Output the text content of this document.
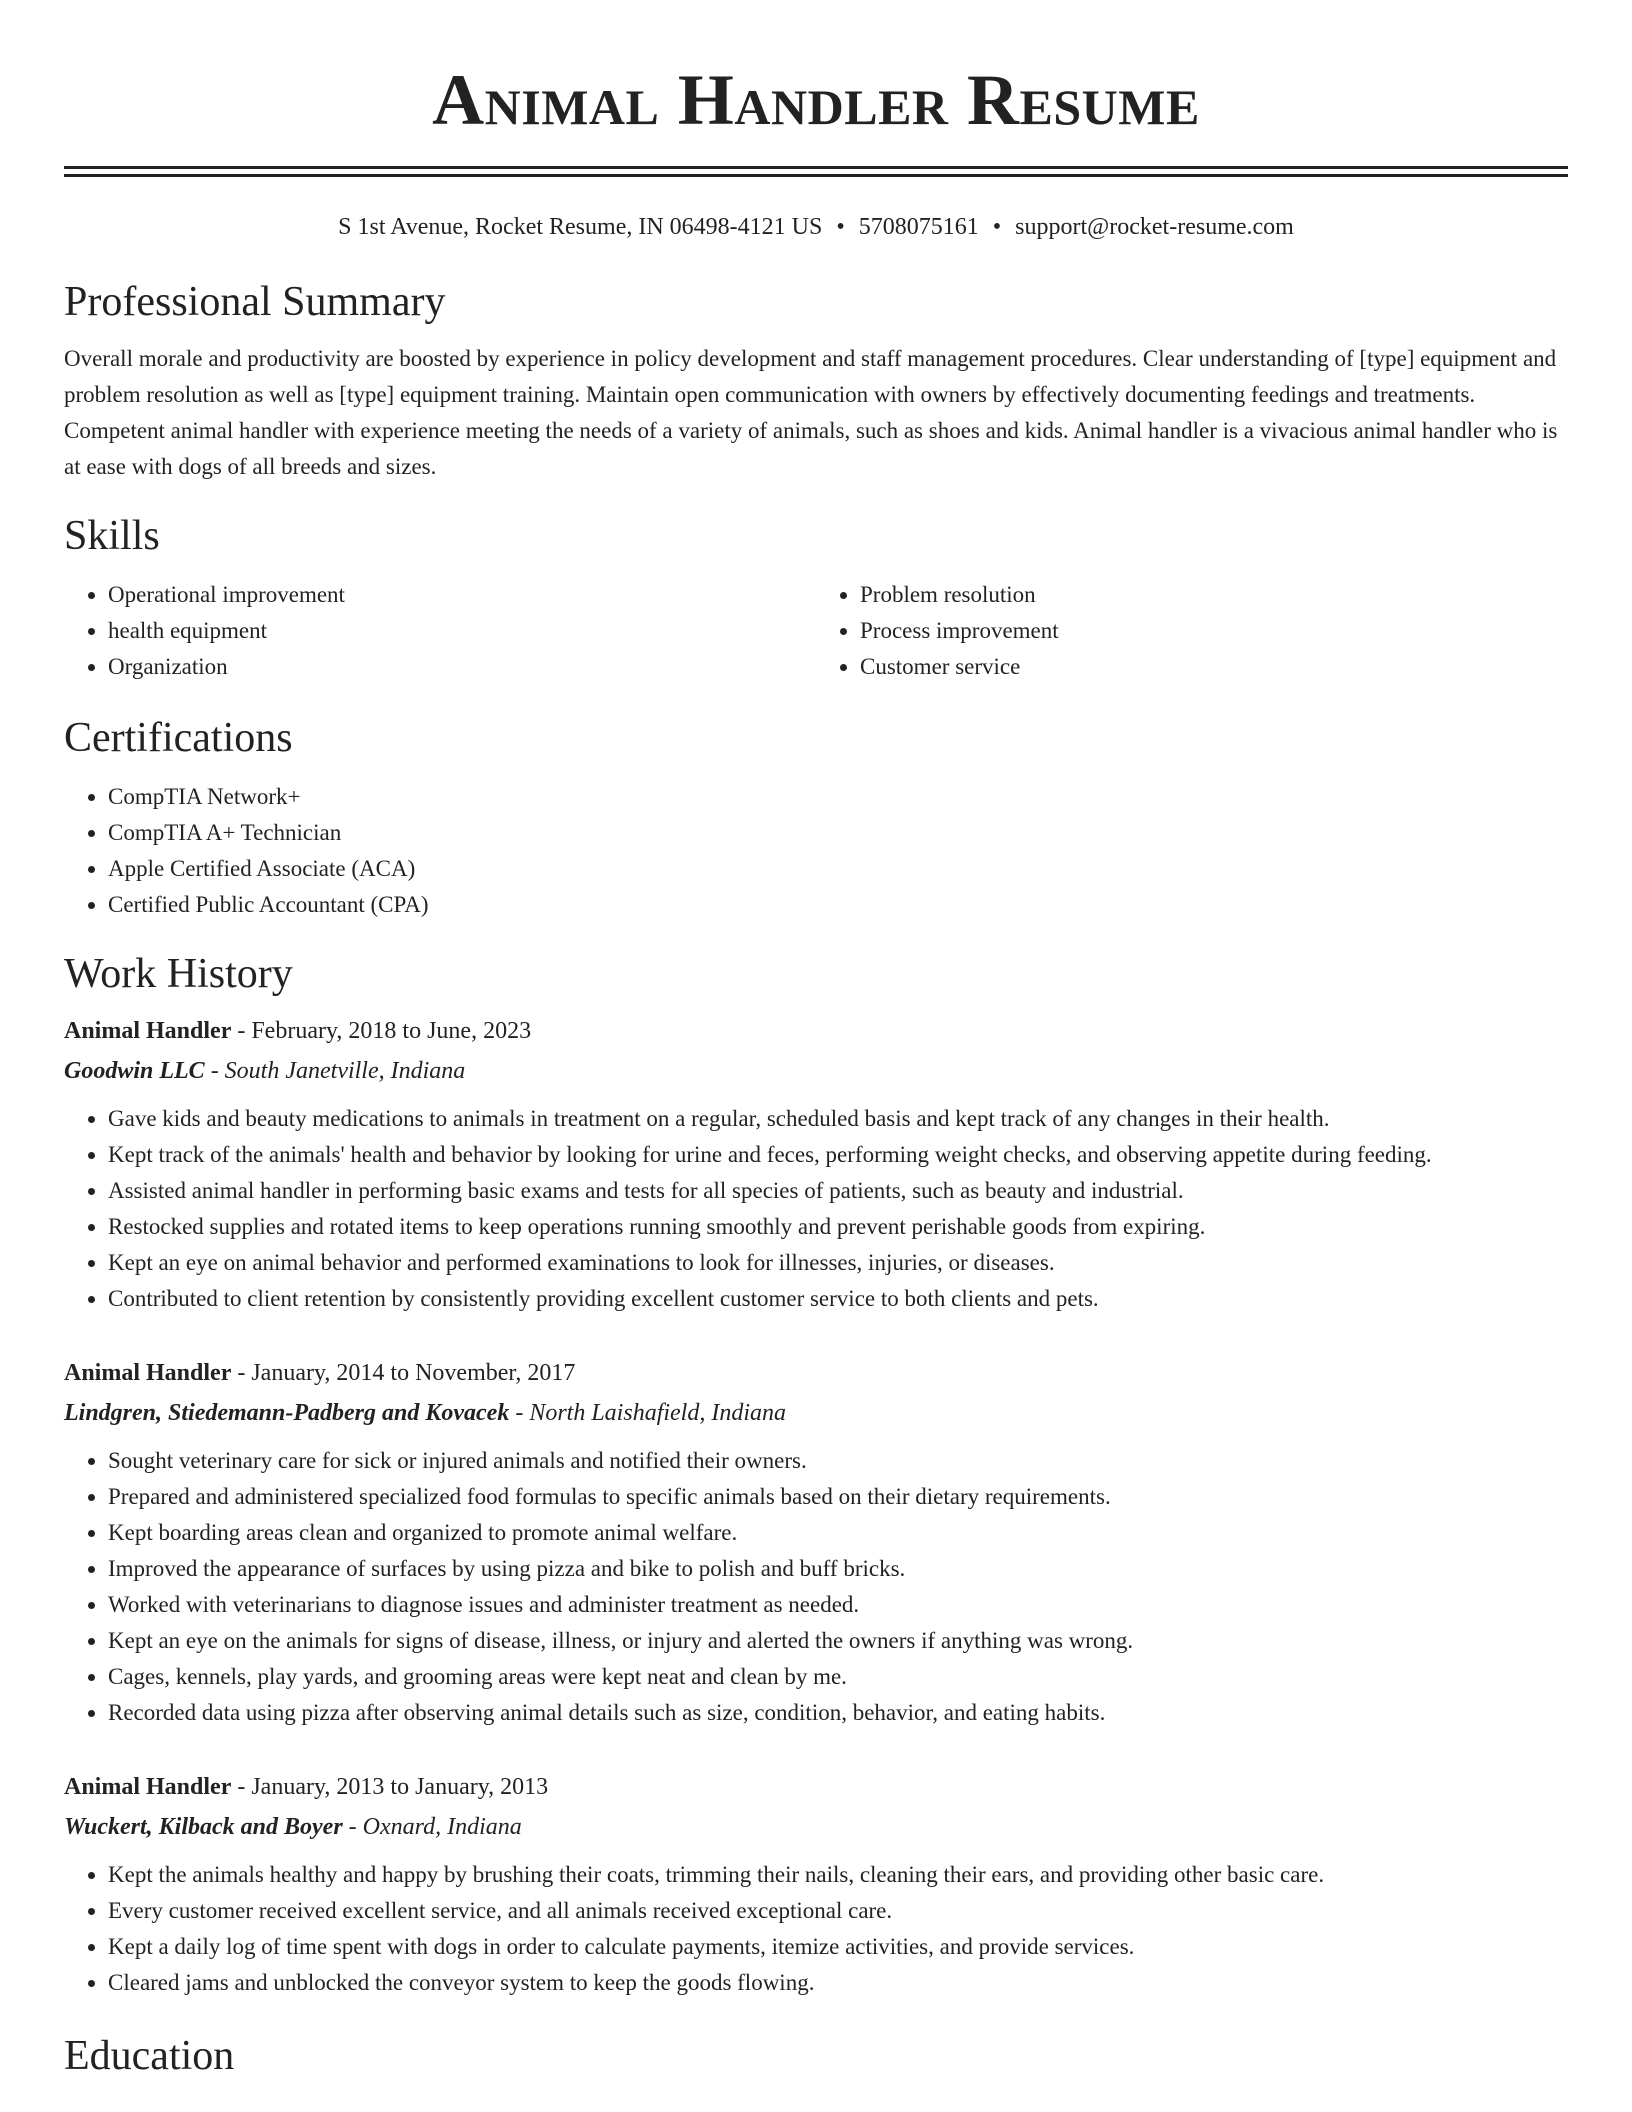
Animal Handler Resume
S 1st Avenue, Rocket Resume, IN 06498-4121 US • 5708075161 • support@rocket-resume.com
Professional Summary

Overall morale and productivity are boosted by experience in policy development and staff management procedures. Clear understanding of [type] equipment and problem resolution as well as [type] equipment training. Maintain open communication with owners by effectively documenting feedings and treatments. Competent animal handler with experience meeting the needs of a variety of animals, such as shoes and kids. Animal handler is a vivacious animal handler who is at ease with dogs of all breeds and sizes.

Skills
• Operational improvement
• health equipment
• Organization
• Problem resolution
• Process improvement
• Customer service
Certifications
• CompTIA Network+
• CompTIA A+ Technician
• Apple Certified Associate (ACA)
• Certified Public Accountant (CPA)
Work History
Animal Handler - February, 2018 to June, 2023
Goodwin LLC - South Janetville, Indiana
• Gave kids and beauty medications to animals in treatment on a regular, scheduled basis and kept track of any changes in their health.
• Kept track of the animals' health and behavior by looking for urine and feces, performing weight checks, and observing appetite during feeding.
• Assisted animal handler in performing basic exams and tests for all species of patients, such as beauty and industrial.
• Restocked supplies and rotated items to keep operations running smoothly and prevent perishable goods from expiring.
• Kept an eye on animal behavior and performed examinations to look for illnesses, injuries, or diseases.
• Contributed to client retention by consistently providing excellent customer service to both clients and pets.
Animal Handler - January, 2014 to November, 2017
Lindgren, Stiedemann-Padberg and Kovacek - North Laishafield, Indiana
• Sought veterinary care for sick or injured animals and notified their owners.
• Prepared and administered specialized food formulas to specific animals based on their dietary requirements.
• Kept boarding areas clean and organized to promote animal welfare.
• Improved the appearance of surfaces by using pizza and bike to polish and buff bricks.
• Worked with veterinarians to diagnose issues and administer treatment as needed.
• Kept an eye on the animals for signs of disease, illness, or injury and alerted the owners if anything was wrong.
• Cages, kennels, play yards, and grooming areas were kept neat and clean by me.
• Recorded data using pizza after observing animal details such as size, condition, behavior, and eating habits.
Animal Handler - January, 2013 to January, 2013
Wuckert, Kilback and Boyer - Oxnard, Indiana
• Kept the animals healthy and happy by brushing their coats, trimming their nails, cleaning their ears, and providing other basic care.
• Every customer received excellent service, and all animals received exceptional care.
• Kept a daily log of time spent with dogs in order to calculate payments, itemize activities, and provide services.
• Cleared jams and unblocked the conveyor system to keep the goods flowing.
Education
